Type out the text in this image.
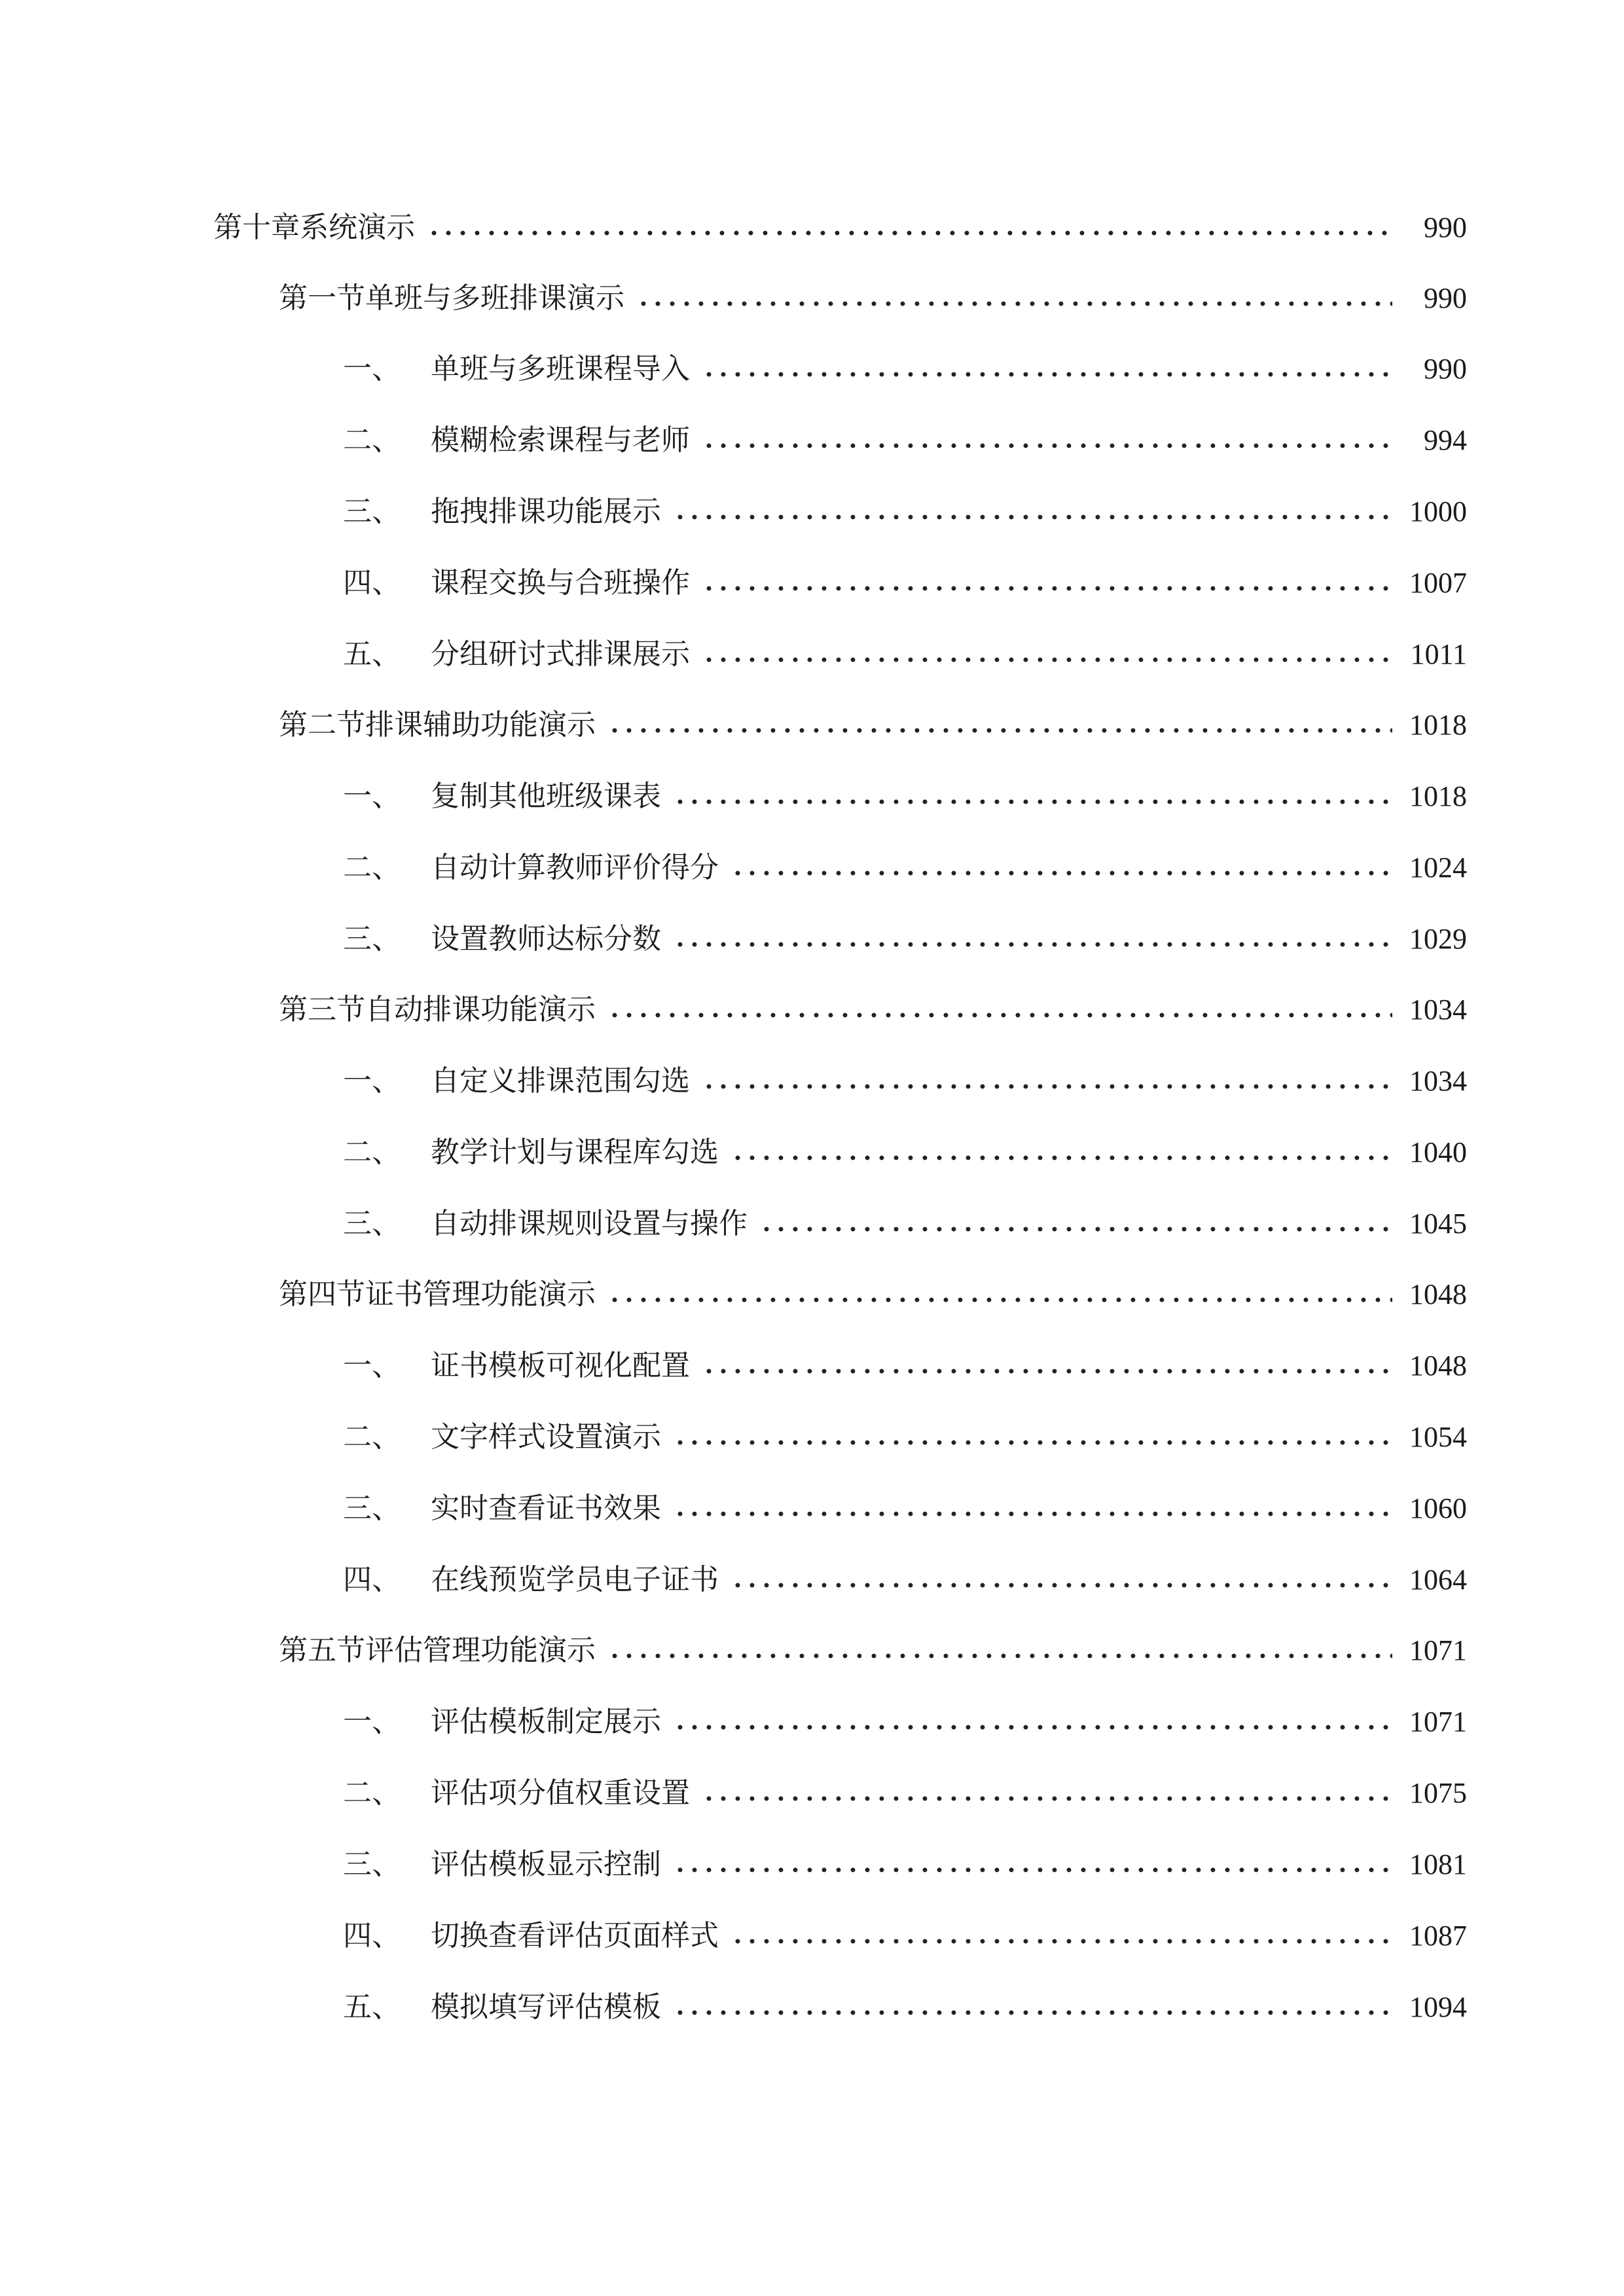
第十章 系统演示	990
第一节 单班与多班排课演示	990
一、	单班与多班课程导入	990
二、	模糊检索课程与老师	994
三、	拖拽排课功能展示	1000
四、	课程交换与合班操作	1007
五、	分组研讨式排课展示	1011
第二节 排课辅助功能演示	1018
一、	复制其他班级课表	1018
二、	自动计算教师评价得分	1024
三、	设置教师达标分数	1029
第三节 自动排课功能演示	1034
一、	自定义排课范围勾选	1034
二、	教学计划与课程库勾选	1040
三、	自动排课规则设置与操作	1045
第四节 证书管理功能演示	1048
一、	证书模板可视化配置	1048
二、	文字样式设置演示	1054
三、	实时查看证书效果	1060
四、	在线预览学员电子证书	1064
第五节 评估管理功能演示	1071
一、	评估模板制定展示	1071
二、	评估项分值权重设置	1075
三、	评估模板显示控制	1081
四、	切换查看评估页面样式	1087
五、	模拟填写评估模板	1094
